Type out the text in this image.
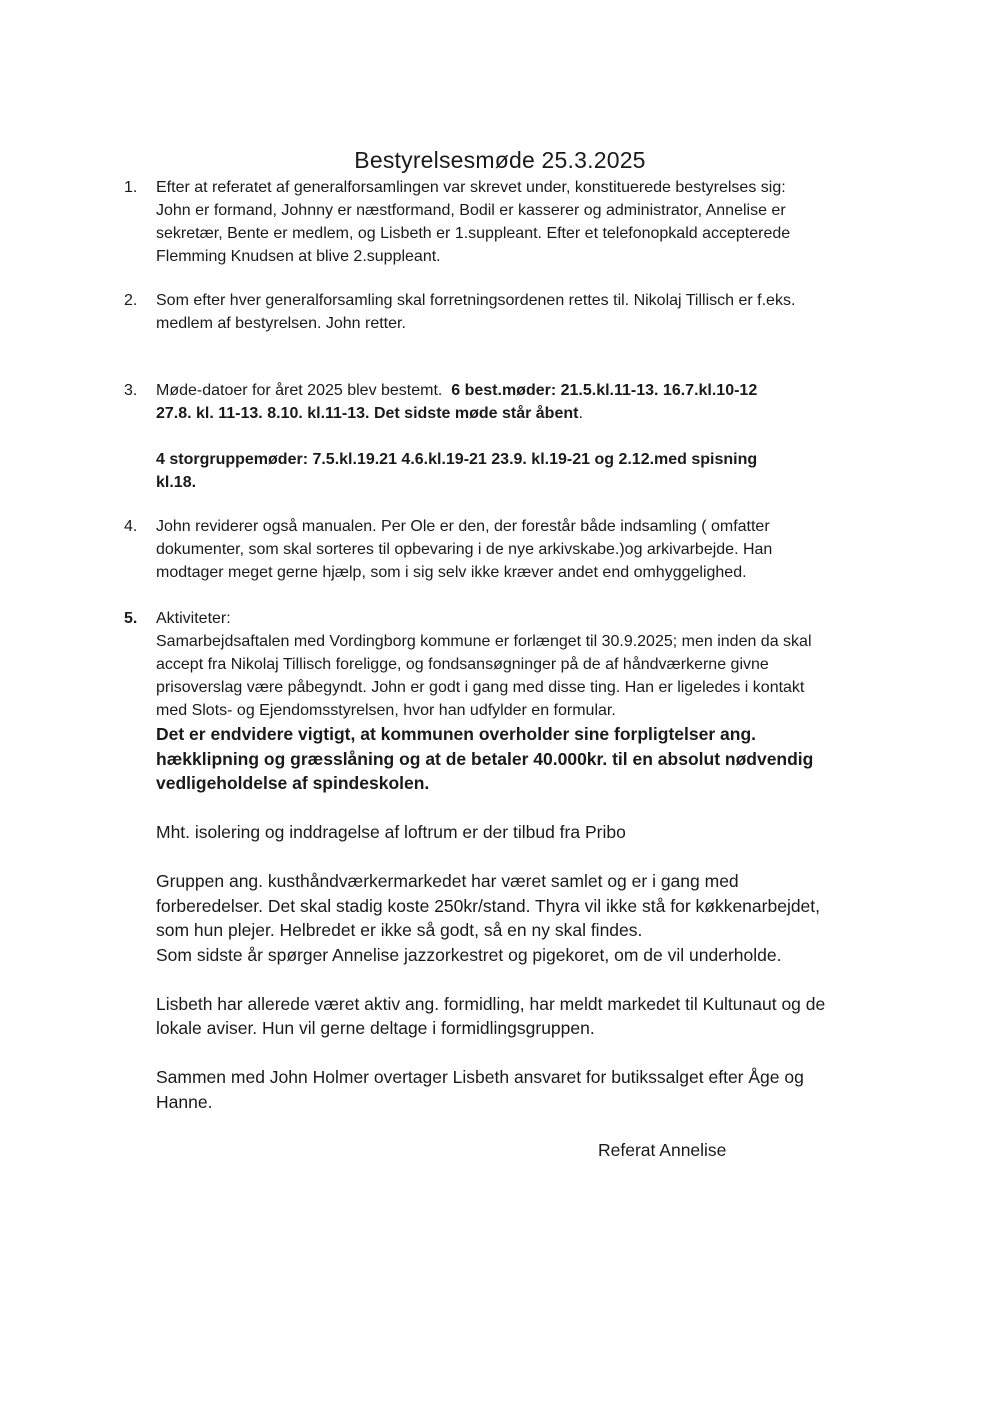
Bestyrelsesmøde 25.3.2025
1.	Efter at referatet af generalforsamlingen var skrevet under, konstituerede bestyrelses sig:

John er formand, Johnny er næstformand, Bodil er kasserer og administrator, Annelise er

sekretær, Bente er medlem, og Lisbeth er 1.suppleant. Efter et telefonopkald accepterede

Flemming Knudsen at blive 2.suppleant.

2.	Som efter hver generalforsamling skal forretningsordenen rettes til. Nikolaj Tillisch er f.eks.

medlem af bestyrelsen. John retter.

3.	Møde-datoer for året 2025 blev bestemt. 6 best.møder: 21.5.kl.11-13. 16.7.kl.10-12

27.8. kl. 11-13. 8.10. kl.11-13. Det sidste møde står åbent.

4 storgruppemøder: 7.5.kl.19.21 4.6.kl.19-21 23.9. kl.19-21 og 2.12.med spisning

kl.18.

4.	John reviderer også manualen. Per Ole er den, der forestår både indsamling ( omfatter

dokumenter, som skal sorteres til opbevaring i de nye arkivskabe.)og arkivarbejde. Han

modtager meget gerne hjælp, som i sig selv ikke kræver andet end omhyggelighed.

5.	Aktiviteter:

Samarbejdsaftalen med Vordingborg kommune er forlænget til 30.9.2025; men inden da skal

accept fra Nikolaj Tillisch foreligge, og fondsansøgninger på de af håndværkerne givne

prisoverslag være påbegyndt. John er godt i gang med disse ting. Han er ligeledes i kontakt

med Slots- og Ejendomsstyrelsen, hvor han udfylder en formular.

Det er endvidere vigtigt, at kommunen overholder sine forpligtelser ang.

hækklipning og græsslåning og at de betaler 40.000kr. til en absolut nødvendig

vedligeholdelse af spindeskolen.

Mht. isolering og inddragelse af loftrum er der tilbud fra Pribo

Gruppen ang. kusthåndværkermarkedet har været samlet og er i gang med

forberedelser. Det skal stadig koste 250kr/stand. Thyra vil ikke stå for køkkenarbejdet,

som hun plejer. Helbredet er ikke så godt, så en ny skal findes.

Som sidste år spørger Annelise jazzorkestret og pigekoret, om de vil underholde.

Lisbeth har allerede været aktiv ang. formidling, har meldt markedet til Kultunaut og de

lokale aviser. Hun vil gerne deltage i formidlingsgruppen.

Sammen med John Holmer overtager Lisbeth ansvaret for butikssalget efter Åge og

Hanne.

Referat Annelise
